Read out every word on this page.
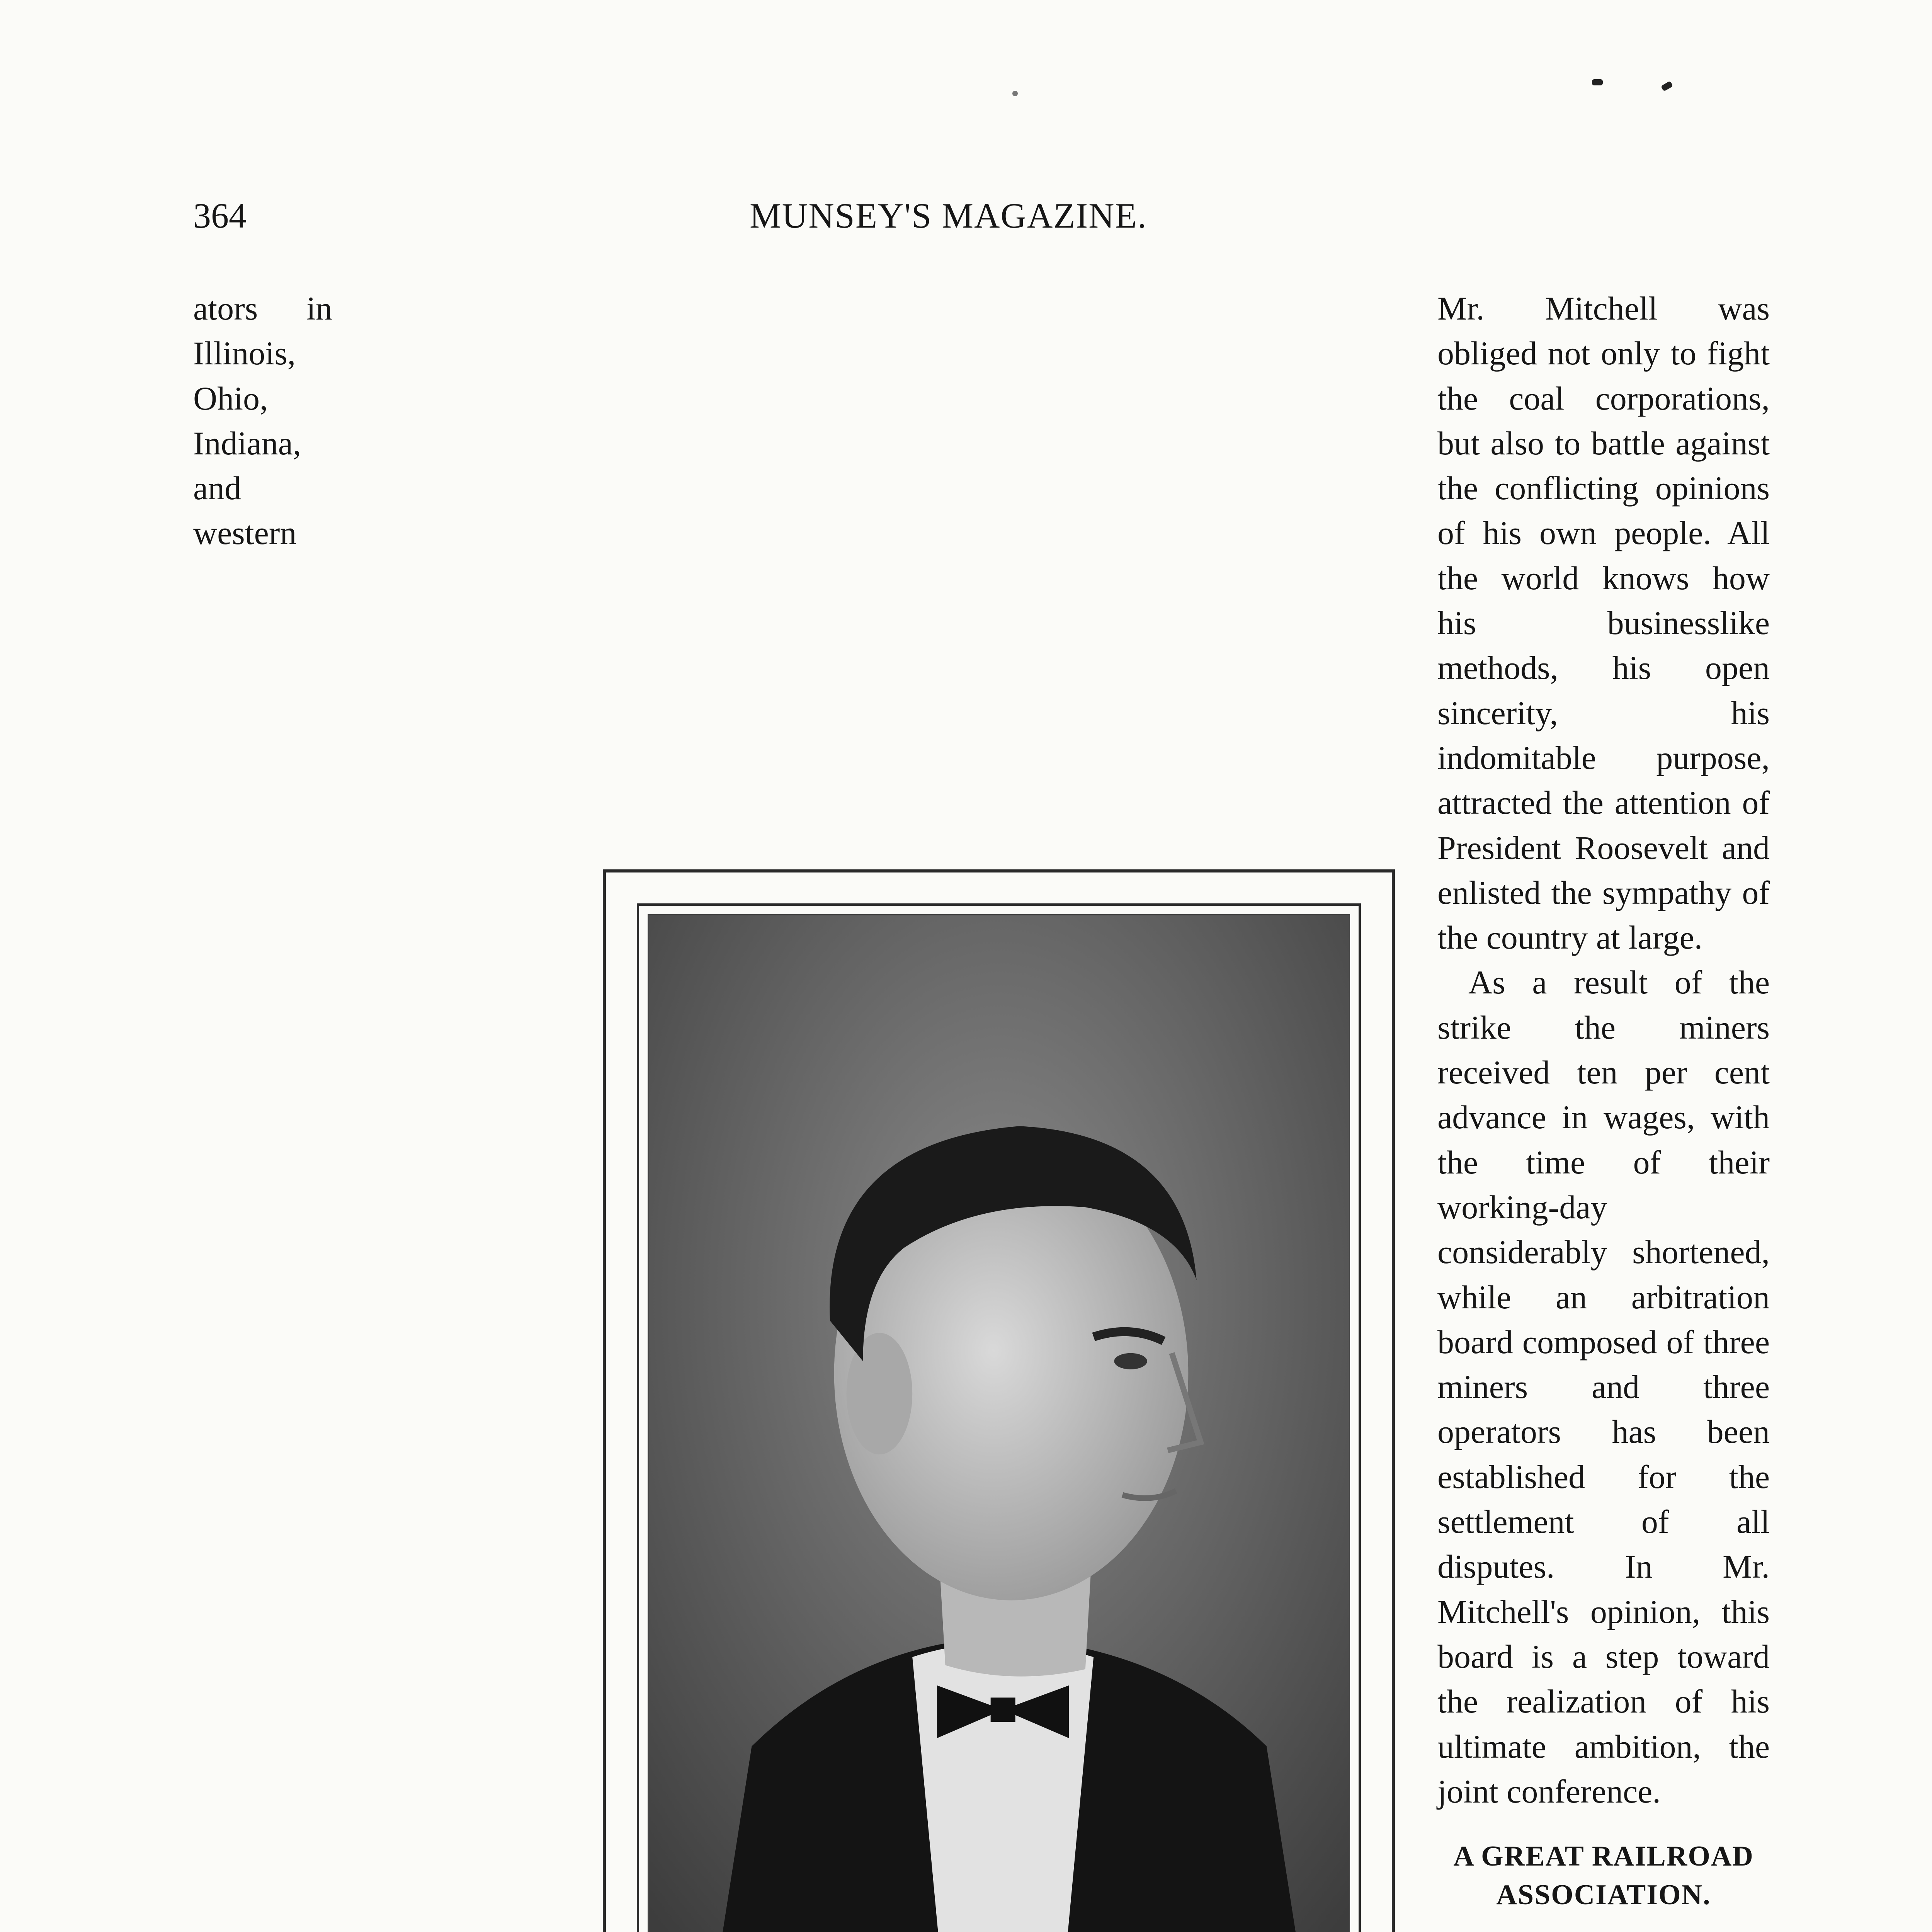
364	MUNSEY'S MAGAZINE.

ators in Illinois, Ohio, Indiana, and western

Mr. Mitchell was obliged not only to fight the coal corporations, but also to battle against the conflicting opinions of his own people. All the world knows how his businesslike methods, his open sincerity, his indomitable purpose, attracted the attention of President Roosevelt and enlisted the sympathy of the country at large.

As a result of the strike the miners received ten per cent advance in wages, with the time of their working-day considerably shortened, while an arbitration board composed of three miners and three operators has been established for the settlement of all disputes. In Mr. Mitchell's opinion, this board is a step toward the realization of his ultimate ambition, the joint conference.

A GREAT RAILROAD ASSOCIATION.
